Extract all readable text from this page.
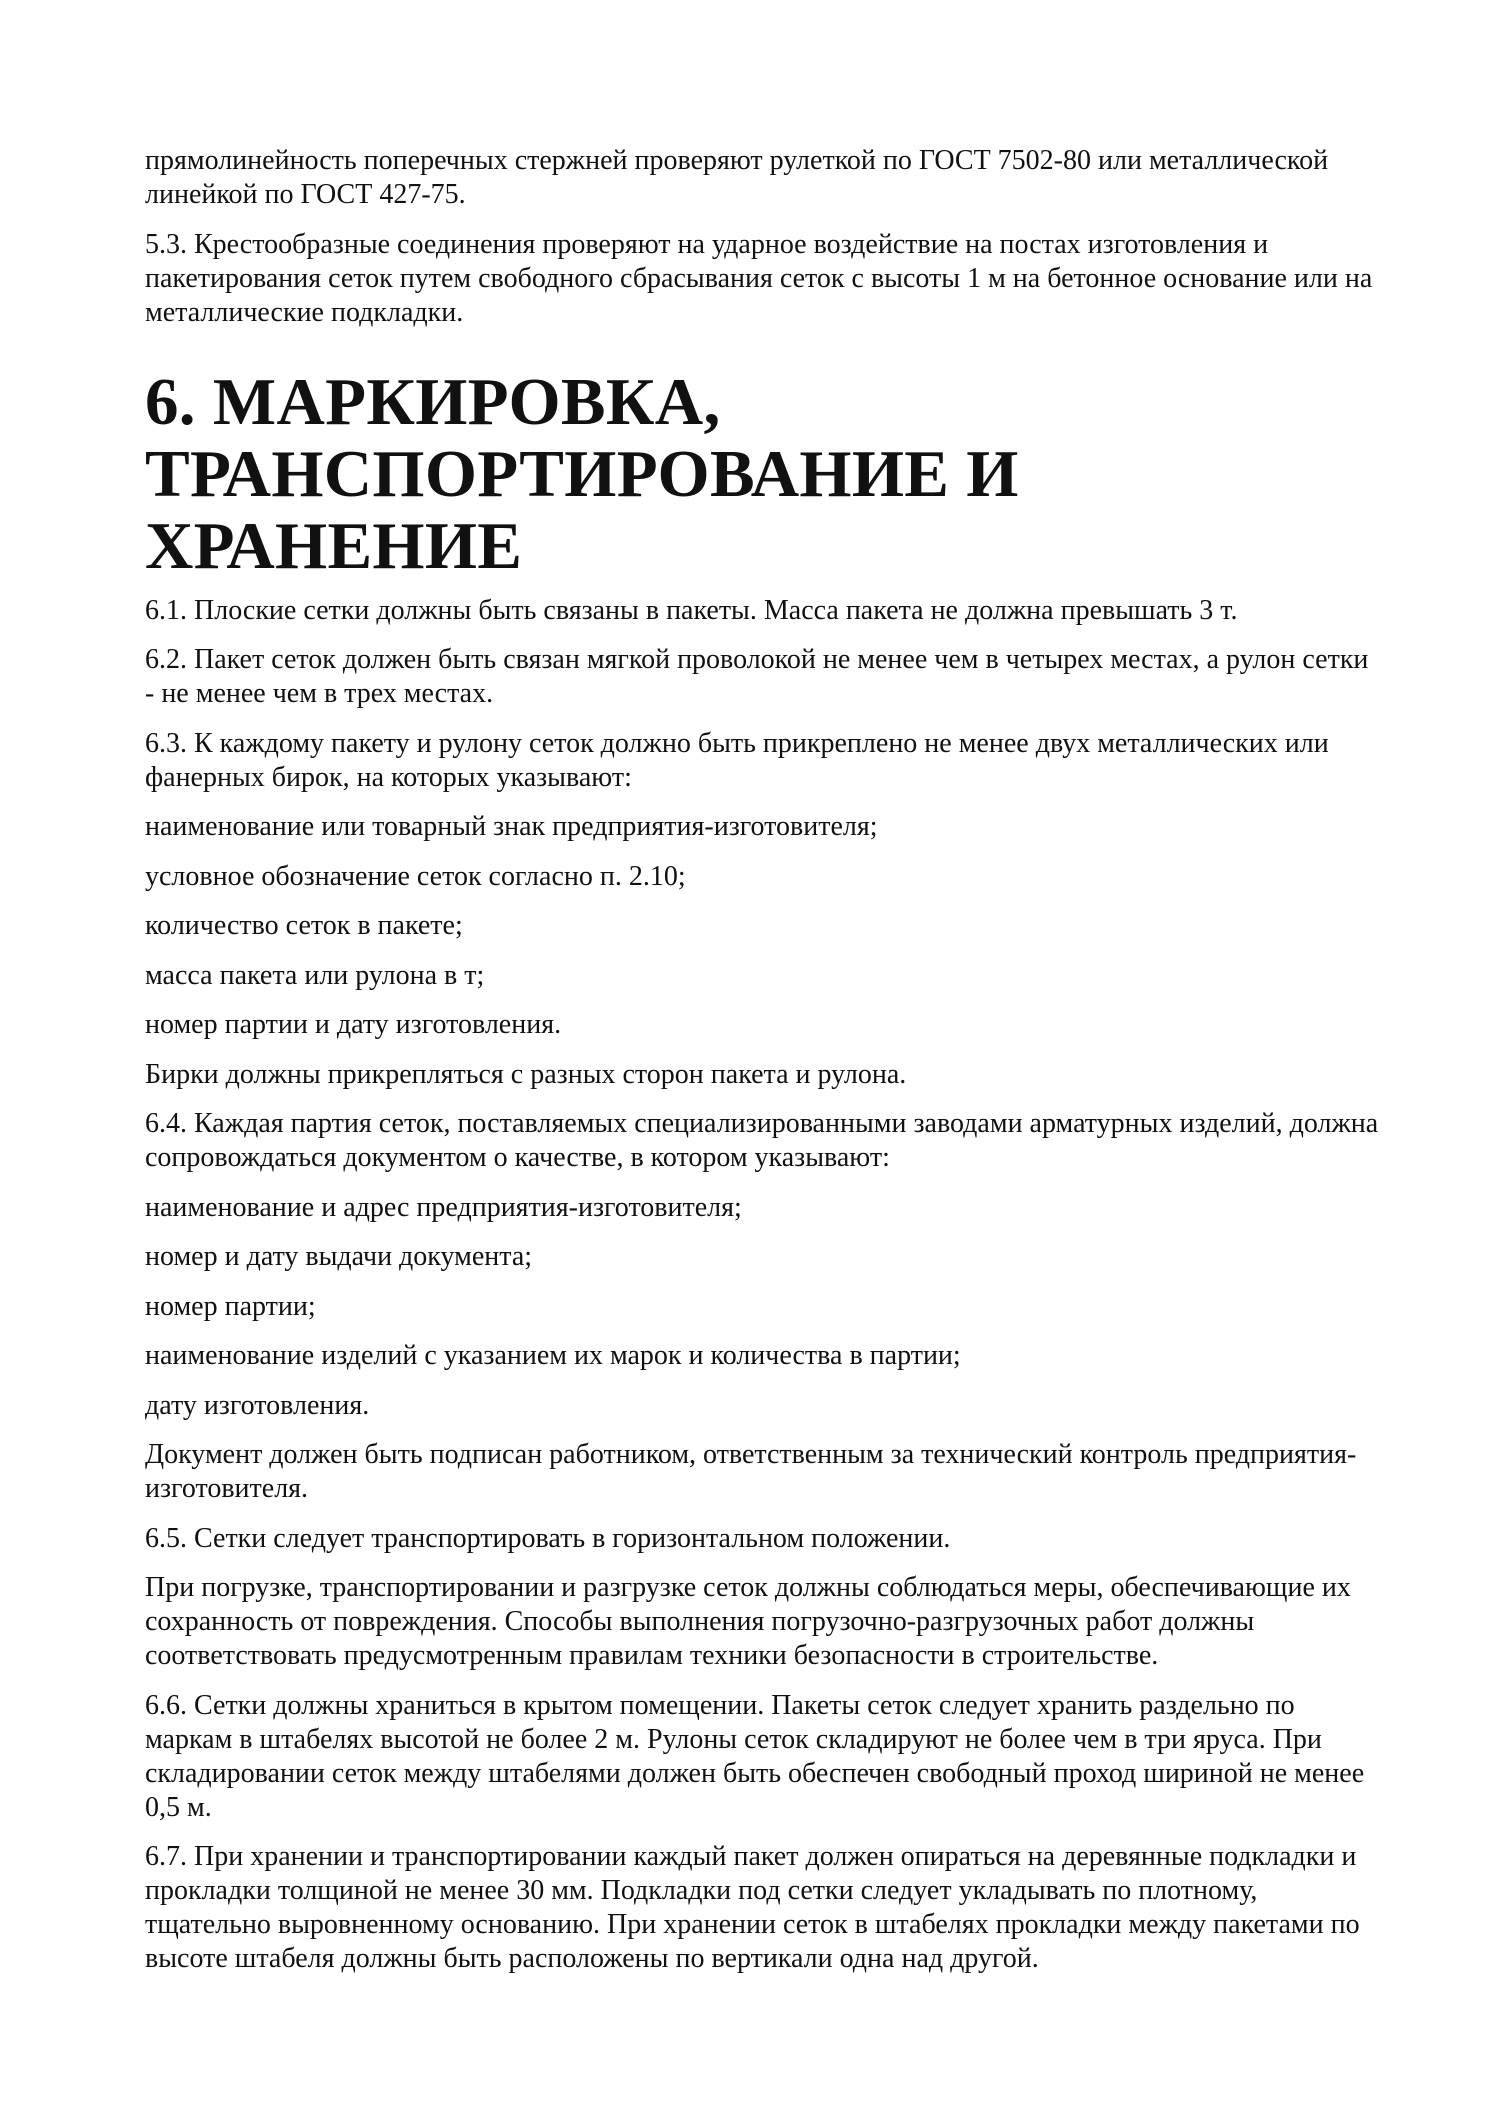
прямолинейность поперечных стержней проверяют рулеткой по ГОСТ 7502-80 или металлической линейкой по ГОСТ 427-75.

5.3. Крестообразные соединения проверяют на ударное воздействие на постах изготовления и пакетирования сеток путем свободного сбрасывания сеток с высоты 1 м на бетонное основание или на металлические подкладки.

6. МАРКИРОВКА,
ТРАНСПОРТИРОВАНИЕ И ХРАНЕНИЕ

6.1. Плоские сетки должны быть связаны в пакеты. Масса пакета не должна превышать 3 т.

6.2. Пакет сеток должен быть связан мягкой проволокой не менее чем в четырех местах, а рулон сетки - не менее чем в трех местах.

6.3. К каждому пакету и рулону сеток должно быть прикреплено не менее двух металлических или фанерных бирок, на которых указывают:

наименование или товарный знак предприятия-изготовителя;

условное обозначение сеток согласно п. 2.10;

количество сеток в пакете;

масса пакета или рулона в т;

номер партии и дату изготовления.

Бирки должны прикрепляться с разных сторон пакета и рулона.

6.4. Каждая партия сеток, поставляемых специализированными заводами арматурных изделий, должна сопровождаться документом о качестве, в котором указывают:

наименование и адрес предприятия-изготовителя;

номер и дату выдачи документа;

номер партии;

наименование изделий с указанием их марок и количества в партии;

дату изготовления.

Документ должен быть подписан работником, ответственным за технический контроль предприятия-изготовителя.

6.5. Сетки следует транспортировать в горизонтальном положении.

При погрузке, транспортировании и разгрузке сеток должны соблюдаться меры, обеспечивающие их сохранность от повреждения. Способы выполнения погрузочно-разгрузочных работ должны соответствовать предусмотренным правилам техники безопасности в строительстве.

6.6. Сетки должны храниться в крытом помещении. Пакеты сеток следует хранить раздельно по маркам в штабелях высотой не более 2 м. Рулоны сеток складируют не более чем в три яруса. При складировании сеток между штабелями должен быть обеспечен свободный проход шириной не менее 0,5 м.

6.7. При хранении и транспортировании каждый пакет должен опираться на деревянные подкладки и прокладки толщиной не менее 30 мм. Подкладки под сетки следует укладывать по плотному, тщательно выровненному основанию. При хранении сеток в штабелях прокладки между пакетами по высоте штабеля должны быть расположены по вертикали одна над другой.
